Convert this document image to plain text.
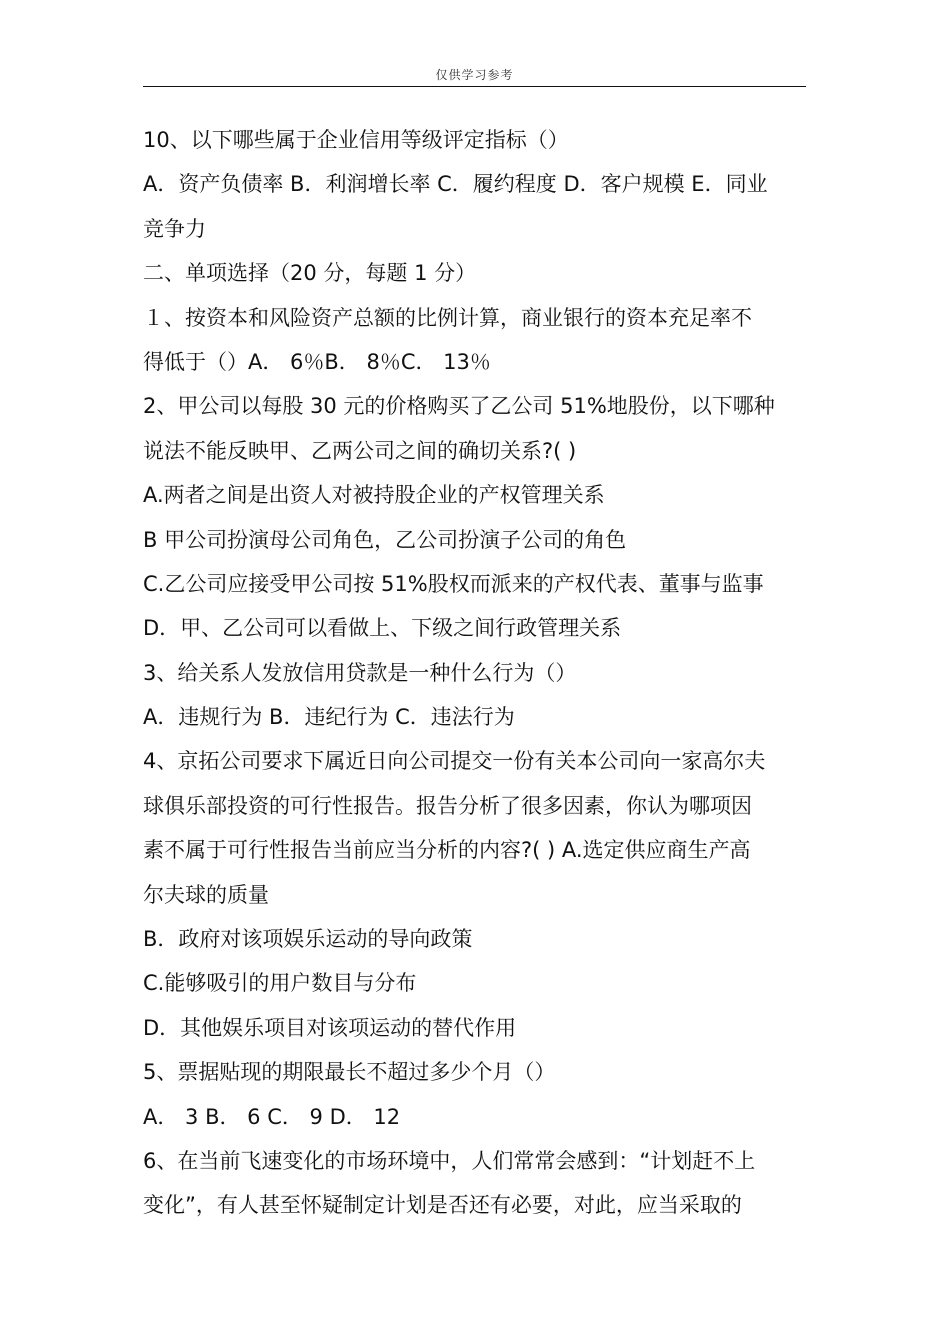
仅供学习参考
10、以下哪些属于企业信用等级评定指标（）
A．资产负债率 B．利润增长率 C．履约程度 D．客户规模 E．同业
竞争力
二、单项选择（20 分，每题 1 分）
１、按资本和风险资产总额的比例计算，商业银行的资本充足率不
得低于（）A． 6％B． 8％C． 13％
2、甲公司以每股 30 元的价格购买了乙公司 51%地股份，以下哪种
说法不能反映甲、乙两公司之间的确切关系?( )
A.两者之间是出资人对被持股企业的产权管理关系
B 甲公司扮演母公司角色，乙公司扮演子公司的角色
C.乙公司应接受甲公司按 51%股权而派来的产权代表、董事与监事
D．甲、乙公司可以看做上、下级之间行政管理关系
3、给关系人发放信用贷款是一种什么行为（）
A．违规行为 B．违纪行为 C．违法行为
4、京拓公司要求下属近日向公司提交一份有关本公司向一家高尔夫
球俱乐部投资的可行性报告。报告分析了很多因素，你认为哪项因
素不属于可行性报告当前应当分析的内容?( ) A.选定供应商生产高
尔夫球的质量
B．政府对该项娱乐运动的导向政策
C.能够吸引的用户数目与分布
D．其他娱乐项目对该项运动的替代作用
5、票据贴现的期限最长不超过多少个月（）
A． 3 B． 6 C． 9 D． 12
6、在当前飞速变化的市场环境中，人们常常会感到：“计划赶不上
变化”，有人甚至怀疑制定计划是否还有必要，对此，应当采取的
